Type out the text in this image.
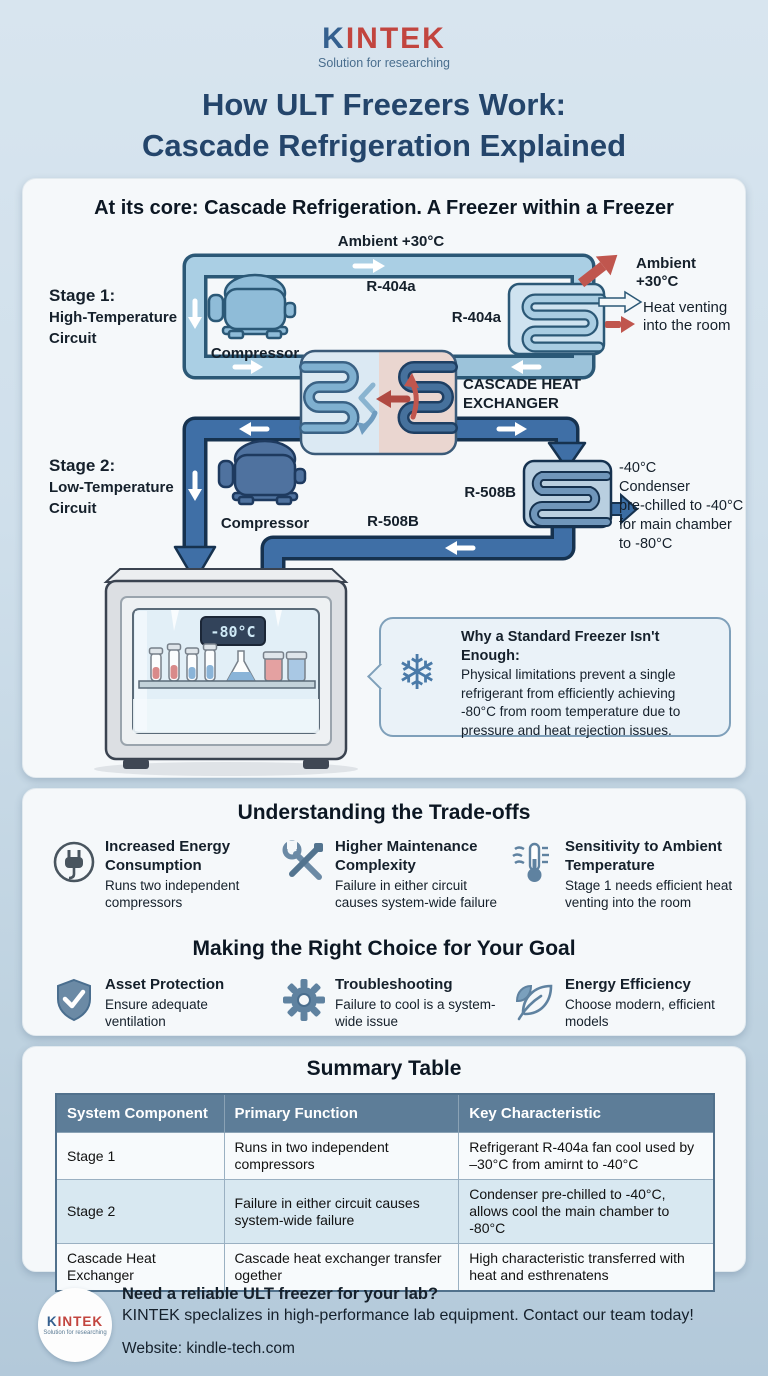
KINTEK
Solution for researching
How ULT Freezers Work:
Cascade Refrigeration Explained
At its core: Cascade Refrigeration. A Freezer within a Freezer
-80°C
Ambient +30°C
R-404a
Stage 1:
High-Temperature
Circuit
Compressor
R-404a
Ambient
+30°C
Heat venting
into the room
CASCADE HEAT
EXCHANGER
Stage 2:
Low-Temperature
Circuit
Compressor
R-508B
R-508B
-40°C
Condenser
pre-chilled to -40°C
for main chamber
to -80°C
❄
Why a Standard Freezer Isn't Enough:
Physical limitations prevent a single
refrigerant from efficiently achieving
-80°C from room temperature due to
pressure and heat rejection issues.
Understanding the Trade-offs
Increased Energy Consumption
Runs two independent compressors
Higher Maintenance Complexity
Failure in either circuit causes system-wide failure
Sensitivity to Ambient Temperature
Stage 1 needs efficient heat venting into the room
Making the Right Choice for Your Goal
Asset Protection
Ensure adequate ventilation
Troubleshooting
Failure to cool is a system-wide issue
Energy Efficiency
Choose modern, efficient models
Summary Table
System Component	Primary Function	Key Characteristic
Stage 1	Runs in two independent compressors	Refrigerant R-404a fan cool used by –30°C from amirnt to -40°C
Stage 2	Failure in either circuit causes system-wide failure	Condenser pre-chilled to -40°C, allows cool the main chamber to -80°C
Cascade Heat Exchanger	Cascade heat exchanger transfer ogether	High characteristic transferred with heat and esthrenatens
KINTEK
Solution for researching
Need a reliable ULT freezer for your lab?
KINTEK speclalizes in high-performance lab equipment. Contact our team today!
Website: kindle-tech.com
